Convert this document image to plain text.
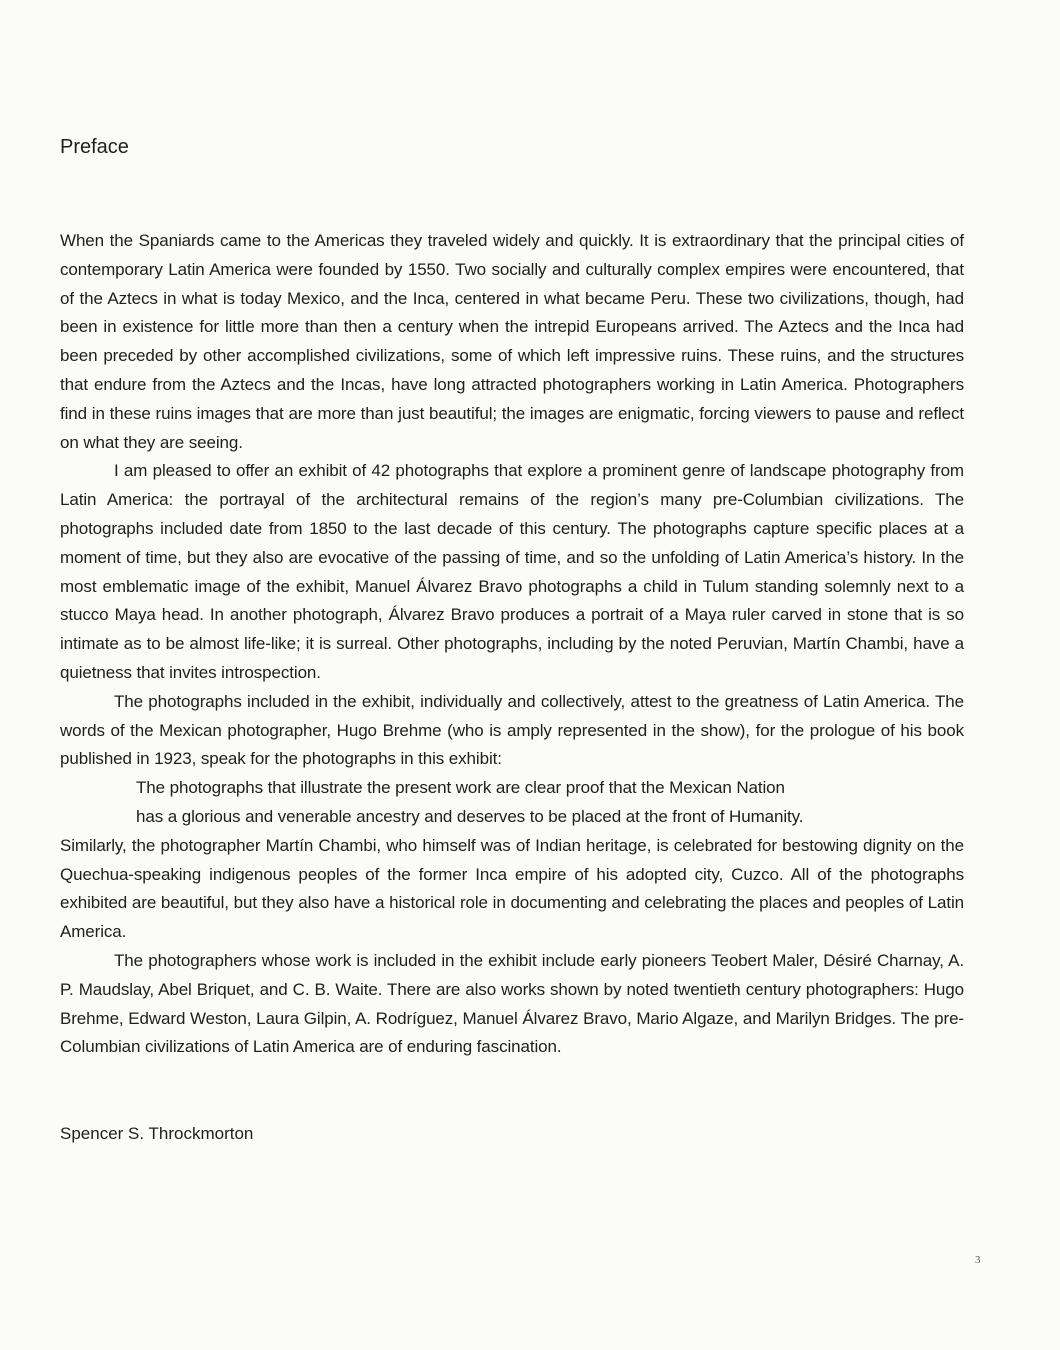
Preface

When the Spaniards came to the Americas they traveled widely and quickly. It is extraordinary that the principal cities of contemporary Latin America were founded by 1550. Two socially and culturally complex empires were encountered, that of the Aztecs in what is today Mexico, and the Inca, centered in what became Peru. These two civilizations, though, had been in existence for little more than then a century when the intrepid Europeans arrived. The Aztecs and the Inca had been preceded by other accomplished civilizations, some of which left impressive ruins. These ruins, and the structures that endure from the Aztecs and the Incas, have long attracted photographers working in Latin America. Photographers find in these ruins images that are more than just beautiful; the images are enigmatic, forcing viewers to pause and reflect on what they are seeing.

I am pleased to offer an exhibit of 42 photographs that explore a prominent genre of landscape photography from Latin America: the portrayal of the architectural remains of the region’s many pre-Columbian civilizations. The photographs included date from 1850 to the last decade of this century. The photographs capture specific places at a moment of time, but they also are evocative of the passing of time, and so the unfolding of Latin America’s history. In the most emblematic image of the exhibit, Manuel Álvarez Bravo photographs a child in Tulum standing solemnly next to a stucco Maya head. In another photograph, Álvarez Bravo produces a portrait of a Maya ruler carved in stone that is so intimate as to be almost life-like; it is surreal. Other photographs, including by the noted Peruvian, Martín Chambi, have a quietness that invites introspection.

The photographs included in the exhibit, individually and collectively, attest to the greatness of Latin America. The words of the Mexican photographer, Hugo Brehme (who is amply represented in the show), for the prologue of his book published in 1923, speak for the photographs in this exhibit:

The photographs that illustrate the present work are clear proof that the Mexican Nation
has a glorious and venerable ancestry and deserves to be placed at the front of Humanity.

Similarly, the photographer Martín Chambi, who himself was of Indian heritage, is celebrated for bestowing dignity on the Quechua-speaking indigenous peoples of the former Inca empire of his adopted city, Cuzco. All of the photographs exhibited are beautiful, but they also have a historical role in documenting and celebrating the places and peoples of Latin America.

The photographers whose work is included in the exhibit include early pioneers Teobert Maler, Désiré Charnay, A. P. Maudslay, Abel Briquet, and C. B. Waite. There are also works shown by noted twentieth century photographers: Hugo Brehme, Edward Weston, Laura Gilpin, A. Rodríguez, Manuel Álvarez Bravo, Mario Algaze, and Marilyn Bridges. The pre-Columbian civilizations of Latin America are of enduring fascination.

Spencer S. Throckmorton
3
